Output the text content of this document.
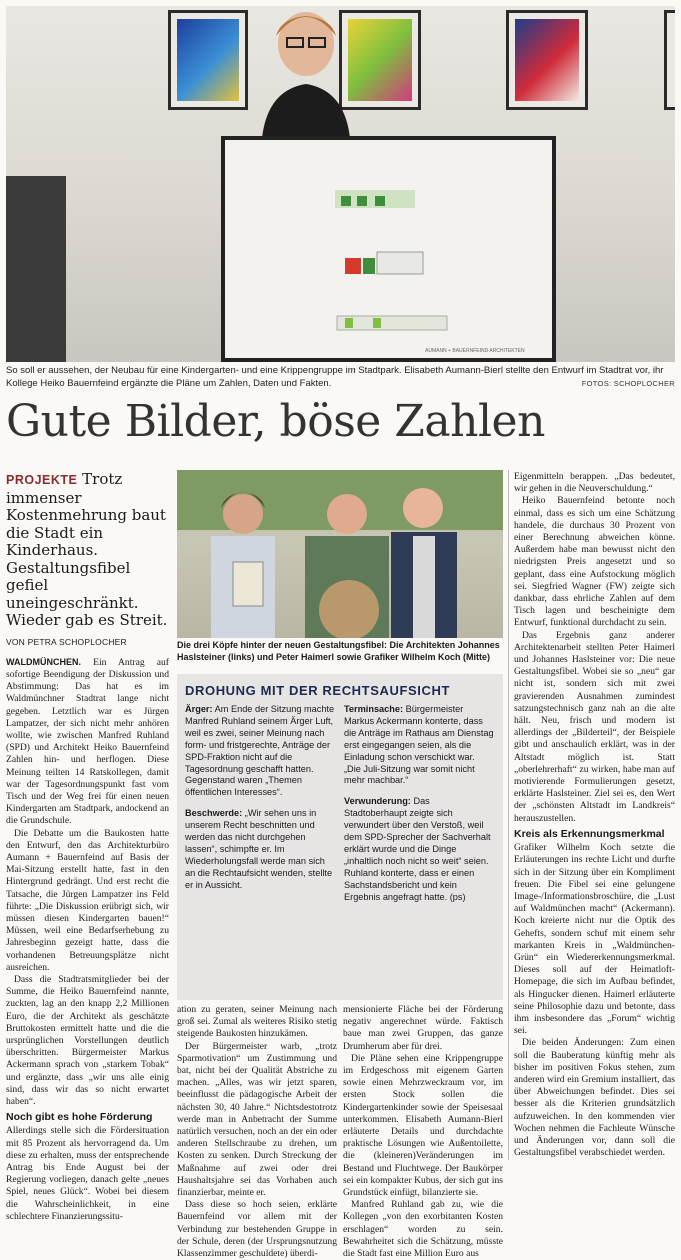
AUMANN + BAUERNFEIND ARCHITEKTEN
So soll er aussehen, der Neubau für eine Kindergarten- und eine Krippengruppe im Stadtpark. Elisabeth Aumann-Bierl stellte den Entwurf im Stadtrat vor, ihr Kollege Heiko Bauernfeind ergänzte die Pläne um Zahlen, Daten und Fakten.	FOTOS: SCHOPLOCHER
Gute Bilder, böse Zahlen
PROJEKTE Trotz immenser Kostenmehrung baut die Stadt ein Kinderhaus. Gestaltungsfibel gefiel uneingeschränkt. Wieder gab es Streit.
VON PETRA SCHOPLOCHER

WALDMÜNCHEN. Ein Antrag auf sofortige Beendigung der Diskussion und Abstimmung: Das hat es im Waldmünchner Stadtrat lange nicht gegeben. Letztlich war es Jürgen Lampatzer, der sich nicht mehr anhören wollte, wie zwischen Manfred Ruhland (SPD) und Architekt Heiko Bauernfeind Zahlen hin- und herflogen. Diese Meinung teilten 14 Ratskollegen, damit war der Tagesordnungspunkt fast vom Tisch und der Weg frei für einen neuen Kindergarten am Stadtpark, andockend an die Grundschule.

Die Debatte um die Baukosten hatte den Entwurf, den das Architekturbüro Aumann + Bauernfeind auf Basis der Mai-Sitzung erstellt hatte, fast in den Hintergrund gedrängt. Und erst recht die Tatsache, die Jürgen Lampatzer ins Feld führte: „Die Diskussion erübrigt sich, wir müssen diesen Kindergarten bauen!“ Müssen, weil eine Bedarfserhebung zu Jahresbeginn gezeigt hatte, dass die vorhandenen Betreuungsplätze nicht ausreichen.

Dass die Stadtratsmitglieder bei der Summe, die Heiko Bauernfeind nannte, zuckten, lag an den knapp 2,2 Millionen Euro, die der Architekt als geschätzte Bruttokosten ermittelt hatte und die die ursprünglichen Vorstellungen deutlich überschritten. Bürgermeister Markus Ackermann sprach von „starkem Tobak“ und ergänzte, dass „wir uns alle einig sind, dass wir das so nicht erwartet haben“.

Noch gibt es hohe Förderung

Allerdings stelle sich die Fördersituation mit 85 Prozent als hervorragend da. Um diese zu erhalten, muss der entsprechende Antrag bis Ende August bei der Regierung vorliegen, danach gelte „neues Spiel, neues Glück“. Wobei bei diesem die Wahrscheinlichkeit, in eine schlechtere Finanzierungssitu-

Die drei Köpfe hinter der neuen Gestaltungsfibel: Die Architekten Johannes Haslsteiner (links) und Peter Haimerl sowie Grafiker Wilhelm Koch (Mitte)
DROHUNG MIT DER RECHTSAUFSICHT

Ärger: Am Ende der Sitzung machte Manfred Ruhland seinem Ärger Luft, weil es zwei, seiner Meinung nach form- und fristgerechte, Anträge der SPD-Fraktion nicht auf die Tagesordnung geschafft hatten. Gegenstand waren „Themen öffentlichen Interesses“.

Beschwerde: „Wir sehen uns in unserem Recht beschnitten und werden das nicht durchgehen lassen“, schimpfte er. Im Wiederholungsfall werde man sich an die Rechtaufsicht wenden, stellte er in Aussicht.

Terminsache: Bürgermeister Markus Ackermann konterte, dass die Anträge im Rathaus am Dienstag erst eingegangen seien, als die Einladung schon verschickt war. „Die Juli-Sitzung war somit nicht mehr machbar.“

Verwunderung: Das Stadtoberhaupt zeigte sich verwundert über den Verstoß, weil dem SPD-Sprecher der Sachverhalt erklärt wurde und die Dinge „inhaltlich noch nicht so weit“ seien. Ruhland konterte, dass er einen Sachstandsbericht und kein Ergebnis angefragt hatte. (ps)

ation zu geraten, seiner Meinung nach groß sei. Zumal als weiteres Risiko stetig steigende Baukosten hinzukämen.

Der Bürgermeister warb, „trotz Sparmotivation“ um Zustimmung und bat, nicht bei der Qualität Abstriche zu machen. „Alles, was wir jetzt sparen, beeinflusst die pädagogische Arbeit der nächsten 30, 40 Jahre.“ Nichtsdestotrotz werde man in Anbetracht der Summe natürlich versuchen, noch an der ein oder anderen Stellschraube zu drehen, um Kosten zu senken. Durch Streckung der Maßnahme auf zwei oder drei Haushaltsjahre sei das Vorhaben auch finanzierbar, meinte er.

Dass diese so hoch seien, erklärte Bauernfeind vor allem mit der Verbindung zur bestehenden Gruppe in der Schule, deren (der Ursprungsnutzung Klassenzimmer geschuldete) überdi-

mensionierte Fläche bei der Förderung negativ angerechnet würde. Faktisch baue man zwei Gruppen, das ganze Drumherum aber für drei.

Die Pläne sehen eine Krippengruppe im Erdgeschoss mit eigenem Garten sowie einen Mehrzweckraum vor, im ersten Stock sollen die Kindergartenkinder sowie der Speisesaal unterkommen. Elisabeth Aumann-Bierl erläuterte Details und durchdachte praktische Lösungen wie Außentoilette, die (kleineren)Veränderungen im Bestand und Fluchtwege. Der Baukörper sei ein kompakter Kubus, der sich gut ins Grundstück einfügt, bilanzierte sie.

Manfred Ruhland gab zu, wie die Kollegen „von den exorbitanten Kosten erschlagen“ worden zu sein. Bewahrheitet sich die Schätzung, müsste die Stadt fast eine Million Euro aus

Eigenmitteln berappen. „Das bedeutet, wir gehen in die Neuverschuldung.“

Heiko Bauernfeind betonte noch einmal, dass es sich um eine Schätzung handele, die durchaus 30 Prozent von einer Berechnung abweichen könne. Außerdem habe man bewusst nicht den niedrigsten Preis angesetzt und so geplant, dass eine Aufstockung möglich sei. Siegfried Wagner (FW) zeigte sich dankbar, dass ehrliche Zahlen auf dem Tisch lagen und bescheinigte dem Entwurf, funktional durchdacht zu sein.

Das Ergebnis ganz anderer Architektenarbeit stellten Peter Haimerl und Johannes Haslsteiner vor: Die neue Gestaltungsfibel. Wobei sie so „neu“ gar nicht ist, sondern sich mit zwei gravierenden Ausnahmen zumindest satzungstechnisch ganz nah an die alte hält. Neu, frisch und modern ist allerdings der „Bilderteil“, der Beispiele gibt und anschaulich erklärt, was in der Altstadt möglich ist. Statt „oberlehrerhaft“ zu wirken, habe man auf motivierende Formulierungen gesetzt, erklärte Haslsteiner. Ziel sei es, den Wert der „schönsten Altstadt im Landkreis“ herauszustellen.

Kreis als Erkennungsmerkmal

Grafiker Wilhelm Koch setzte die Erläuterungen ins rechte Licht und durfte sich in der Sitzung über ein Kompliment freuen. Die Fibel sei eine gelungene Image-/Informationsbroschüre, die „Lust auf Waldmünchen macht“ (Ackermann). Koch kreierte nicht nur die Optik des Gehefts, sondern schuf mit einem sehr markanten Kreis in „Waldmünchen-Grün“ ein Wiedererkennungsmerkmal. Dieses soll auf der Heimatloft-Homepage, die sich im Aufbau befindet, als Hingucker dienen. Haimerl erläuterte seine Philosophie dazu und betonte, dass ihm insbesondere das „Forum“ wichtig sei.

Die beiden Änderungen: Zum einen soll die Bauberatung künftig mehr als bisher im positiven Fokus stehen, zum anderen wird ein Gremium installiert, das über Abweichungen befindet. Dies sei besser als die Kriterien grundsätzlich aufzuweichen. In den kommenden vier Wochen nehmen die Fachleute Wünsche und Änderungen vor, dann soll die Gestaltungsfibel verabschiedet werden.
